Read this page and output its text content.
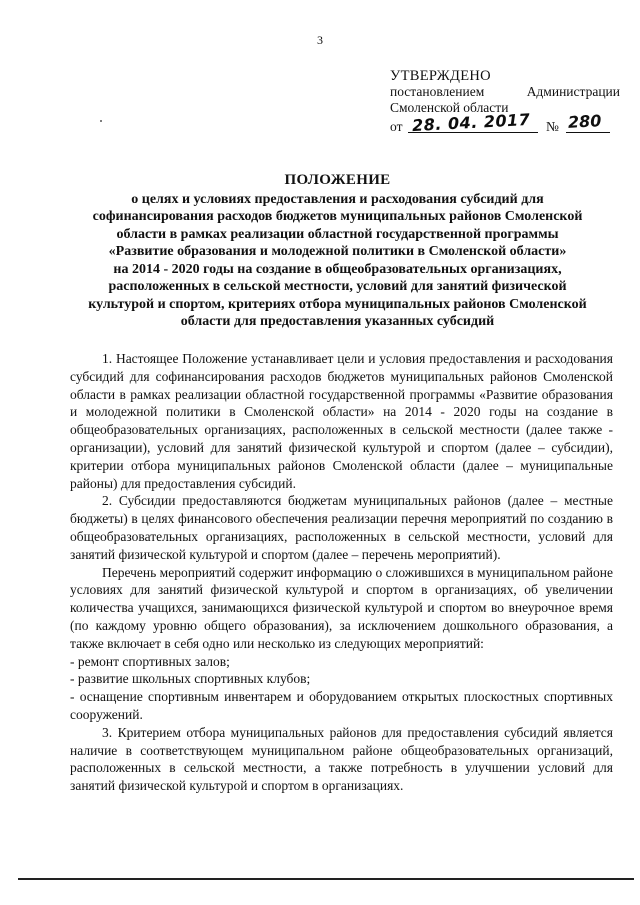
3
УТВЕРЖДЕНО
постановлением	Администрации
Смоленской области
от 28. 04. 2017 № 280
ПОЛОЖЕНИЕ
о целях и условиях предоставления и расходования субсидий для
софинансирования расходов бюджетов муниципальных районов Смоленской
области в рамках реализации областной государственной программы
«Развитие образования и молодежной политики в Смоленской области»
на 2014 - 2020 годы на создание в общеобразовательных организациях,
расположенных в сельской местности, условий для занятий физической
культурой и спортом, критериях отбора муниципальных районов Смоленской
области для предоставления указанных субсидий

1. Настоящее Положение устанавливает цели и условия предоставления и расходования субсидий для софинансирования расходов бюджетов муниципальных районов Смоленской области в рамках реализации областной государственной программы «Развитие образования и молодежной политики в Смоленской области» на 2014 - 2020 годы на создание в общеобразовательных организациях, расположенных в сельской местности (далее также - организации), условий для занятий физической культурой и спортом (далее – субсидии), критерии отбора муниципальных районов Смоленской области (далее – муниципальные районы) для предоставления субсидий.

2. Субсидии предоставляются бюджетам муниципальных районов (далее – местные бюджеты) в целях финансового обеспечения реализации перечня мероприятий по созданию в общеобразовательных организациях, расположенных в сельской местности, условий для занятий физической культурой и спортом (далее – перечень мероприятий).

Перечень мероприятий содержит информацию о сложившихся в муниципальном районе условиях для занятий физической культурой и спортом в организациях, об увеличении количества учащихся, занимающихся физической культурой и спортом во внеурочное время (по каждому уровню общего образования), за исключением дошкольного образования, а также включает в себя одно или несколько из следующих мероприятий:

- ремонт спортивных залов;

- развитие школьных спортивных клубов;

- оснащение спортивным инвентарем и оборудованием открытых плоскостных спортивных сооружений.

3. Критерием отбора муниципальных районов для предоставления субсидий является наличие в соответствующем муниципальном районе общеобразовательных организаций, расположенных в сельской местности, а также потребность в улучшении условий для занятий физической культурой и спортом в организациях.
